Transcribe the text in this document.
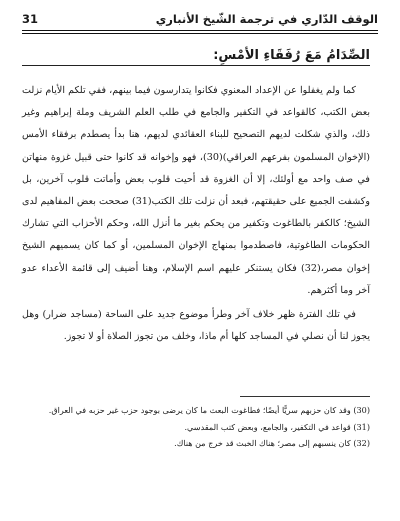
الوقف الدّاري في ترجمة الشّيخ الأنباري
31
الصِّدَامُ مَعَ رُفَقَاءِ الأمْسِ:

كما ولم يغفلوا عن الإعداد المعنوي فكانوا يتدارسون فيما بينهم، ففي تلكم الأيام نزلت بعض الكتب، كالقواعد في التكفير والجامع في طلب العلم الشريف وملة إبراهيم وغير ذلك، والذي شكلت لديهم التصحيح للبناء العقائدي لديهم، هنا بدأ يصطدم برفقاء الأمس (الإخوان المسلمون بفرعهم العراقي)(30)، فهو وإخوانه قد كانوا حتى قبيل غزوة منهاتن في صف واحد مع أولئك، إلا أن الغزوة قد أحيت قلوب بعض وأماتت قلوب آخرين، بل وكشفت الجميع على حقيقتهم، فبعد أن نزلت تلك الكتب(31) صححت بعض المفاهيم لدى الشيخ؛ كالكفر بالطاغوت وتكفير من يحكم بغير ما أنزل الله، وحكم الأحزاب التي تشارك الحكومات الطاغوتية، فاصطدموا بمنهاج الإخوان المسلمين، أو كما كان يسميهم الشيخ إخوان مصر،(32) فكان يستنكر عليهم اسم الإسلام، وهنا أضيف إلى قائمة الأعداء عدو آخر وما أكثرهم.

في تلك الفترة ظهر خلاف آخر وطرأ موضوع جديد على الساحة (مساجد ضرار) وهل يجوز لنا أن نصلي في المساجد كلها أم ماذا، وخلف من تجوز الصلاة أو لا تجوز.

(30) وقد كان حزبهم سريًّا أيضًا؛ فطاغوت البعث ما كان يرضى بوجود حزب غير حزبه في العراق.

(31) قواعد في التكفير، والجامع، وبعض كتب المقدسي.

(32) كان ينسبهم إلى مصر؛ هناك الخبث قد خرج من هناك.
